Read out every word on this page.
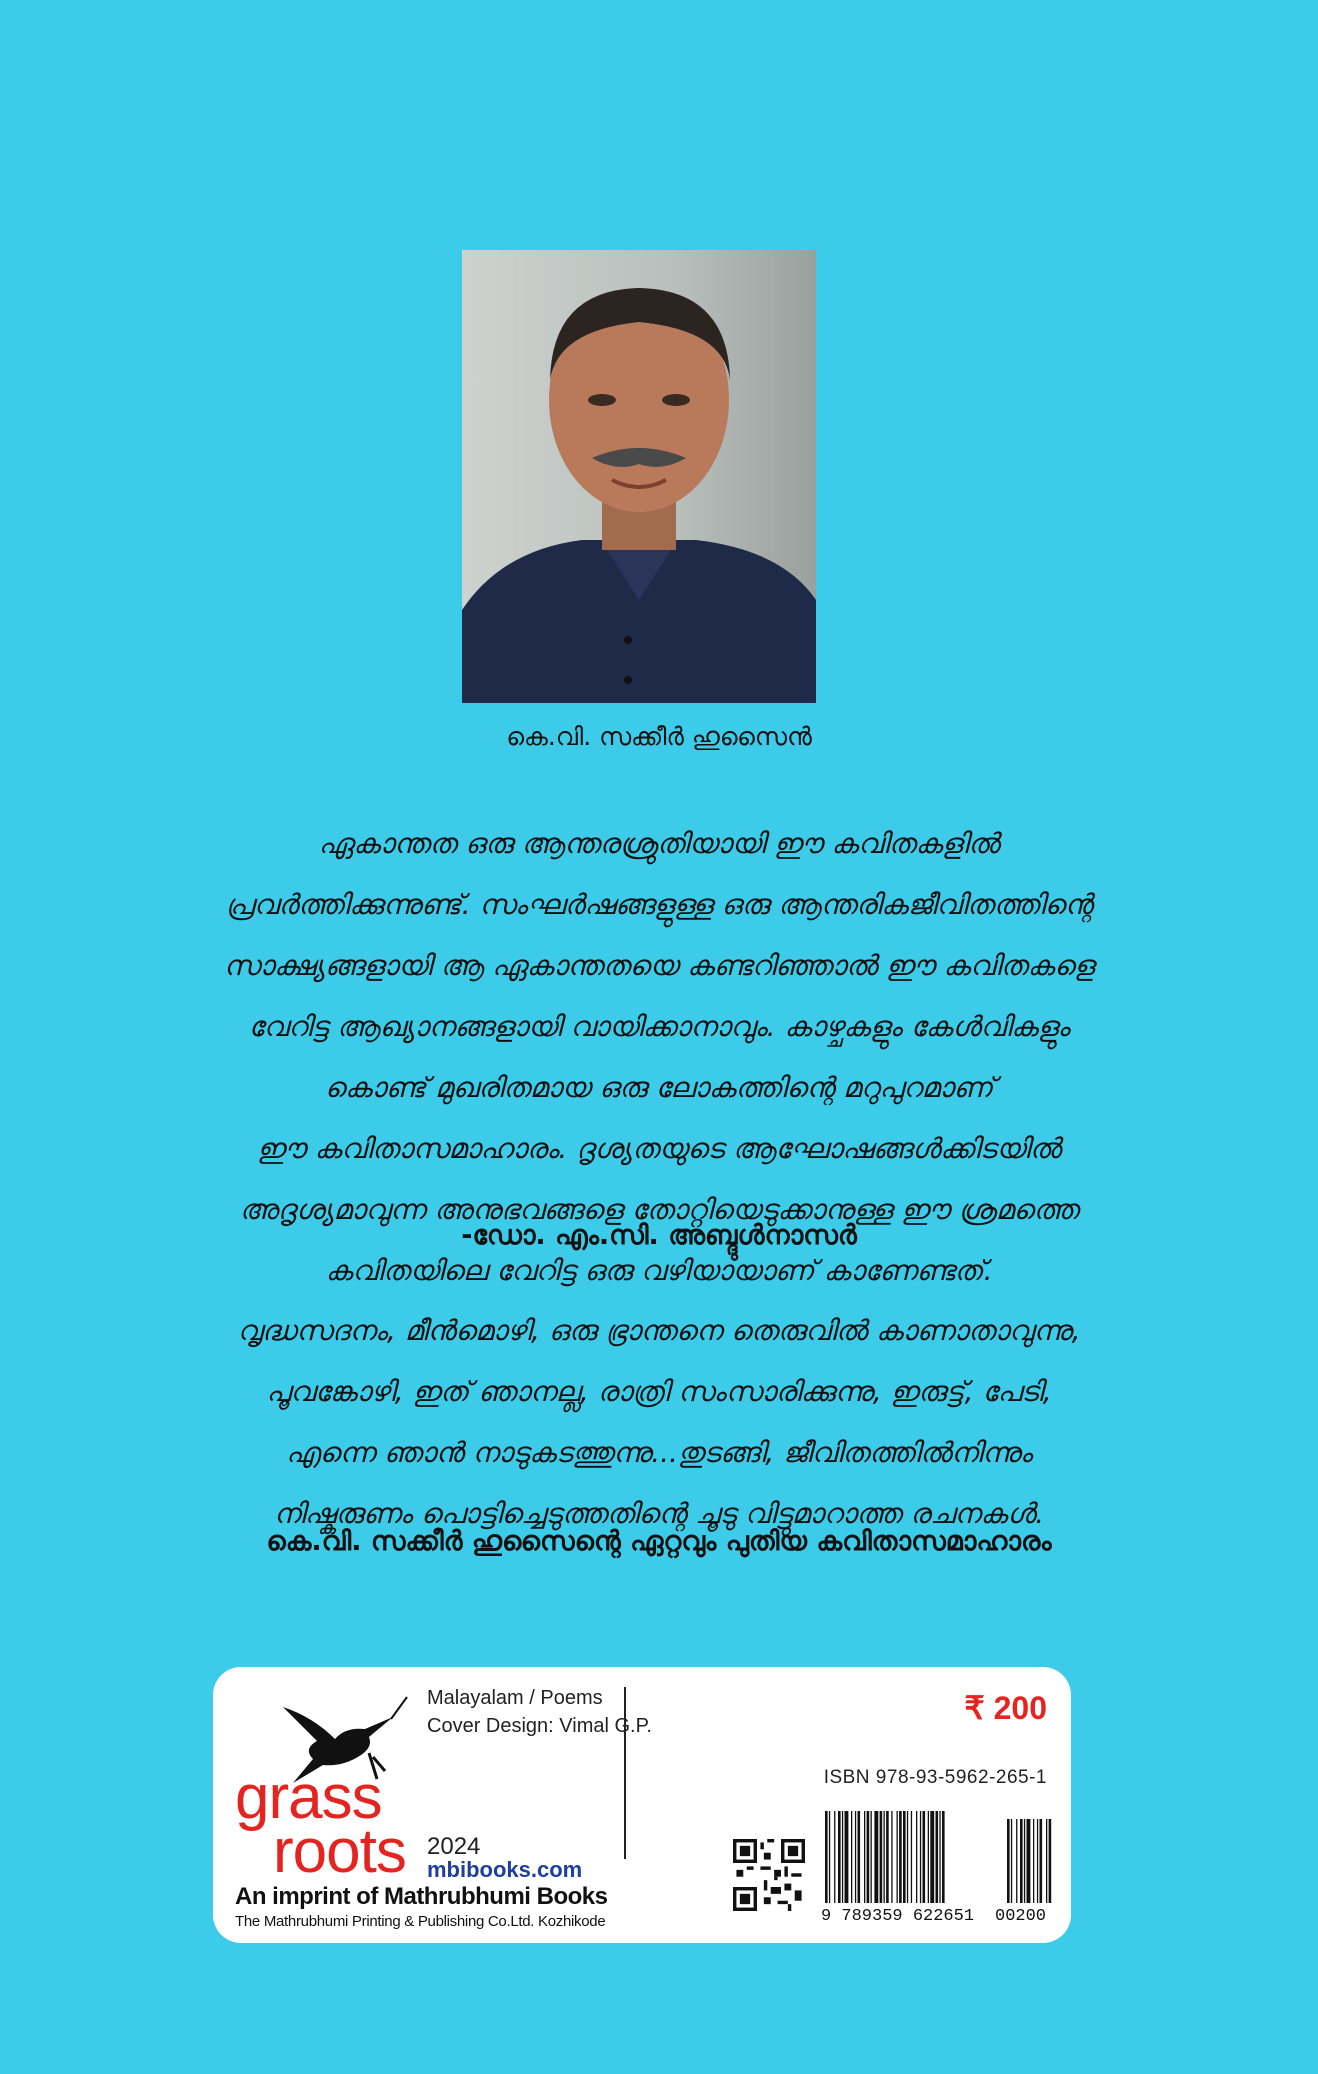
കെ.വി. സക്കീർ ഹുസൈൻ

ഏകാന്തത ഒരു ആന്തരശ്രുതിയായി ഈ കവിതകളിൽ

പ്രവർത്തിക്കുന്നുണ്ട്. സംഘർഷങ്ങളുള്ള ഒരു ആന്തരികജീവിതത്തിന്റെ

സാക്ഷ്യങ്ങളായി ആ ഏകാന്തതയെ കണ്ടറിഞ്ഞാൽ ഈ കവിതകളെ

വേറിട്ട ആഖ്യാനങ്ങളായി വായിക്കാനാവും. കാഴ്ചകളും കേൾവികളും

കൊണ്ട് മുഖരിതമായ ഒരു ലോകത്തിന്റെ മറുപുറമാണ്

ഈ കവിതാസമാഹാരം. ദൃശ്യതയുടെ ആഘോഷങ്ങൾക്കിടയിൽ

അദൃശ്യമാവുന്ന അനുഭവങ്ങളെ തോറ്റിയെടുക്കാനുള്ള ഈ ശ്രമത്തെ

കവിതയിലെ വേറിട്ട ഒരു വഴിയായാണ് കാണേണ്ടത്.

-ഡോ. എം.സി. അബ്ദുൾനാസർ

വൃദ്ധസദനം, മീൻമൊഴി, ഒരു ഭ്രാന്തനെ തെരുവിൽ കാണാതാവുന്നു,

പൂവങ്കോഴി, ഇത് ഞാനല്ല, രാത്രി സംസാരിക്കുന്നു, ഇരുട്ട്, പേടി,

എന്നെ ഞാൻ നാടുകടത്തുന്നു...തുടങ്ങി, ജീവിതത്തിൽനിന്നും

നിഷ്കരുണം പൊട്ടിച്ചെടുത്തതിന്റെ ചൂടു വിട്ടുമാറാത്ത രചനകൾ.

കെ.വി. സക്കീർ ഹുസൈന്റെ ഏറ്റവും പുതിയ കവിതാസമാഹാരം
grass
roots
An imprint of Mathrubhumi Books
The Mathrubhumi Printing & Publishing Co.Ltd. Kozhikode
Malayalam / Poems
Cover Design: Vimal G.P.
2024
mbibooks.com
₹ 200
ISBN 978-93-5962-265-1
9 789359 622651 00200
